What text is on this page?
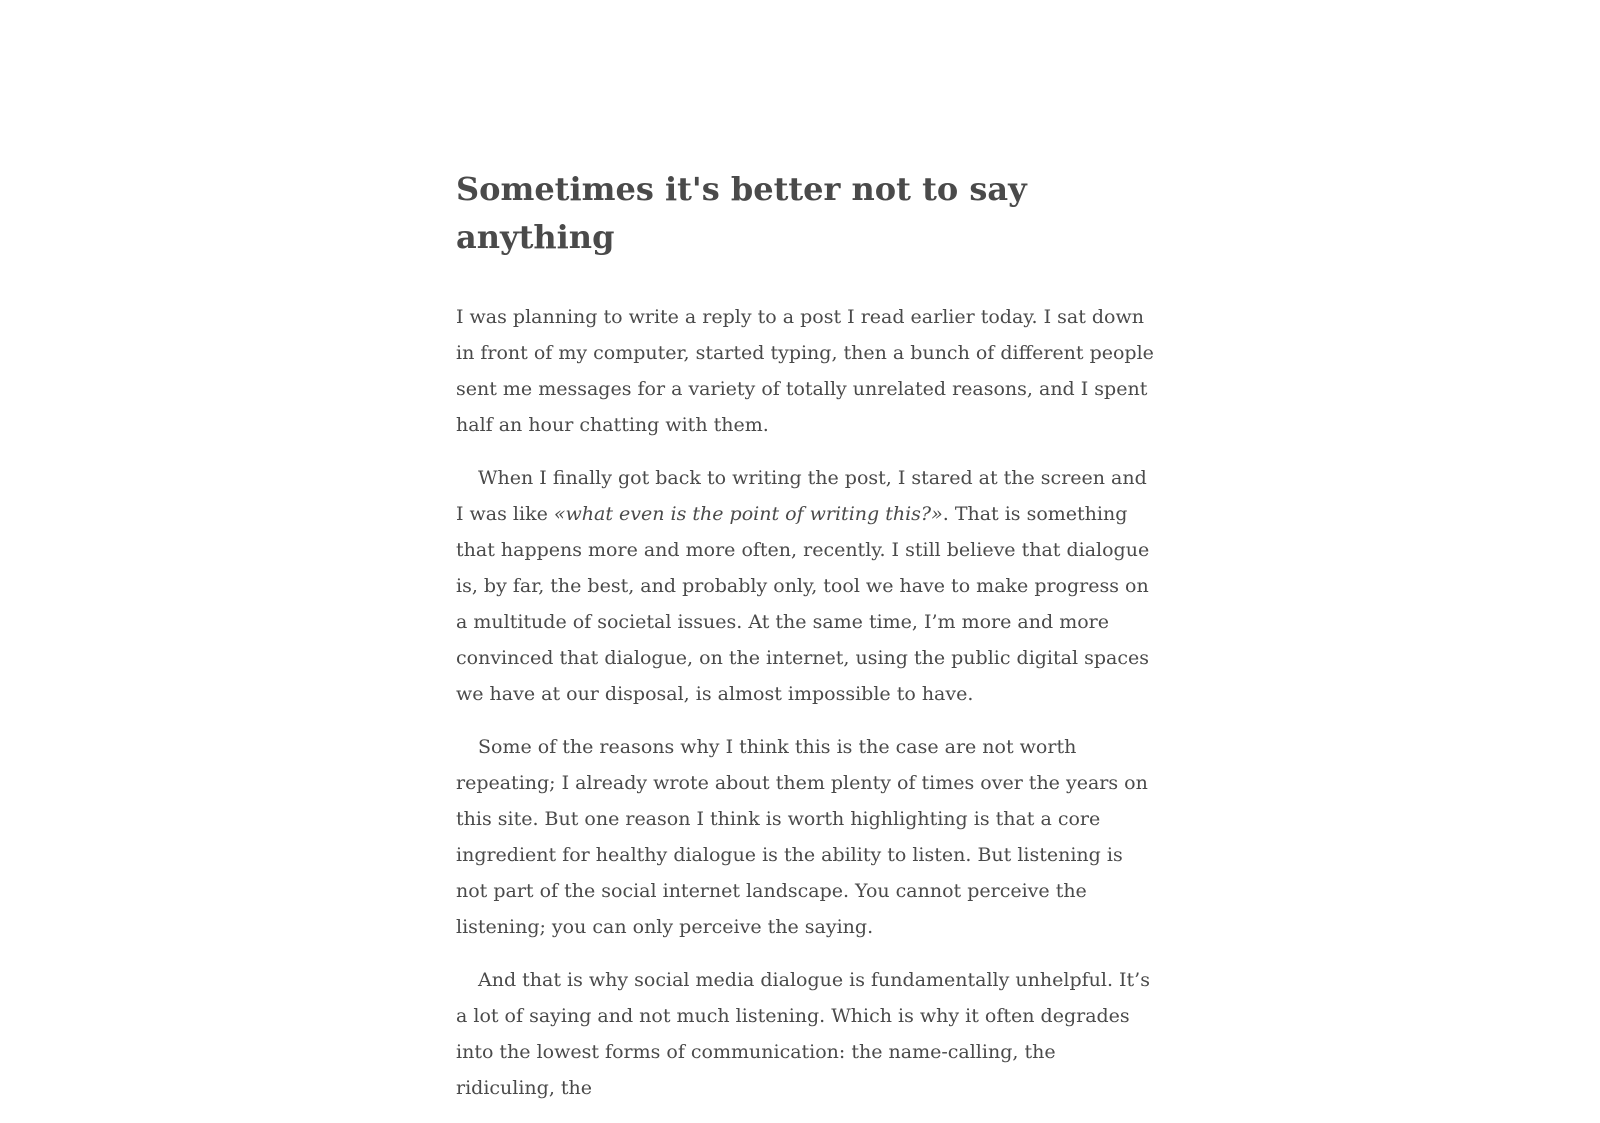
Sometimes it's better not to say anything

I was planning to write a reply to a post I read earlier today. I sat down in front of my computer, started typing, then a bunch of different people sent me messages for a variety of totally unrelated reasons, and I spent half an hour chatting with them.

When I finally got back to writing the post, I stared at the screen and I was like «what even is the point of writing this?». That is something that happens more and more often, recently. I still believe that dialogue is, by far, the best, and probably only, tool we have to make progress on a multitude of societal issues. At the same time, I’m more and more convinced that dialogue, on the internet, using the public digital spaces we have at our disposal, is almost impossible to have.

Some of the reasons why I think this is the case are not worth repeating; I already wrote about them plenty of times over the years on this site. But one reason I think is worth highlighting is that a core ingredient for healthy dialogue is the ability to listen. But listening is not part of the social internet landscape. You cannot perceive the listening; you can only perceive the saying.

And that is why social media dialogue is fundamentally unhelpful. It’s a lot of saying and not much listening. Which is why it often degrades into the lowest forms of communication: the name-calling, the ridiculing, the
